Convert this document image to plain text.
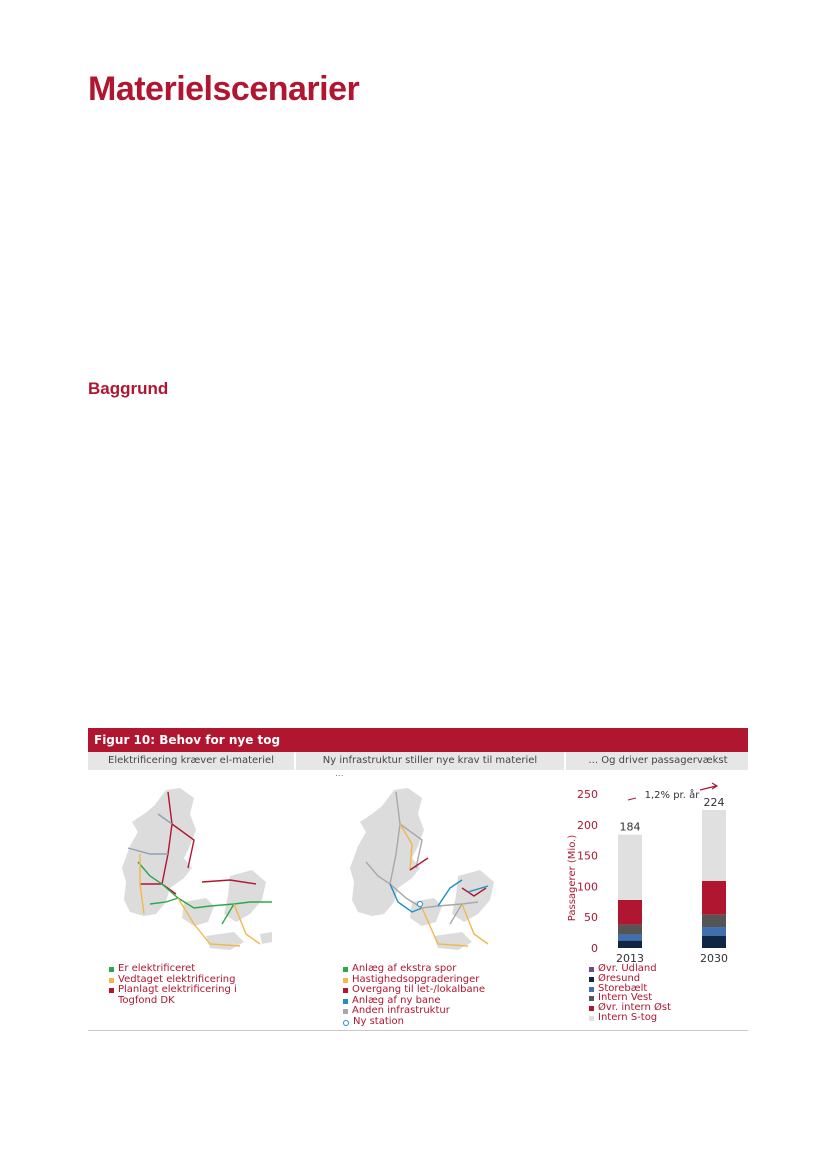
Materielscenarier
Baggrund
Figur 10: Behov for nye tog
Elektrificering kræver el-materiel	Ny infrastruktur stiller nye krav til materiel	... Og driver passagervækst
...
Er elektrificeret
Vedtaget elektrificering
Planlagt elektrificering i Togfond DK
Anlæg af ekstra spor
Hastighedsopgraderinger
Overgang til let-/lokalbane
Anlæg af ny bane
Anden infrastruktur
Ny station
0
50
100
150
200
250
Passagerer (Mio.)
184
2013
224
2030
1,2% pr. år
Øvr. Udland
Øresund
Storebælt
Intern Vest
Øvr. intern Øst
Intern S-tog
